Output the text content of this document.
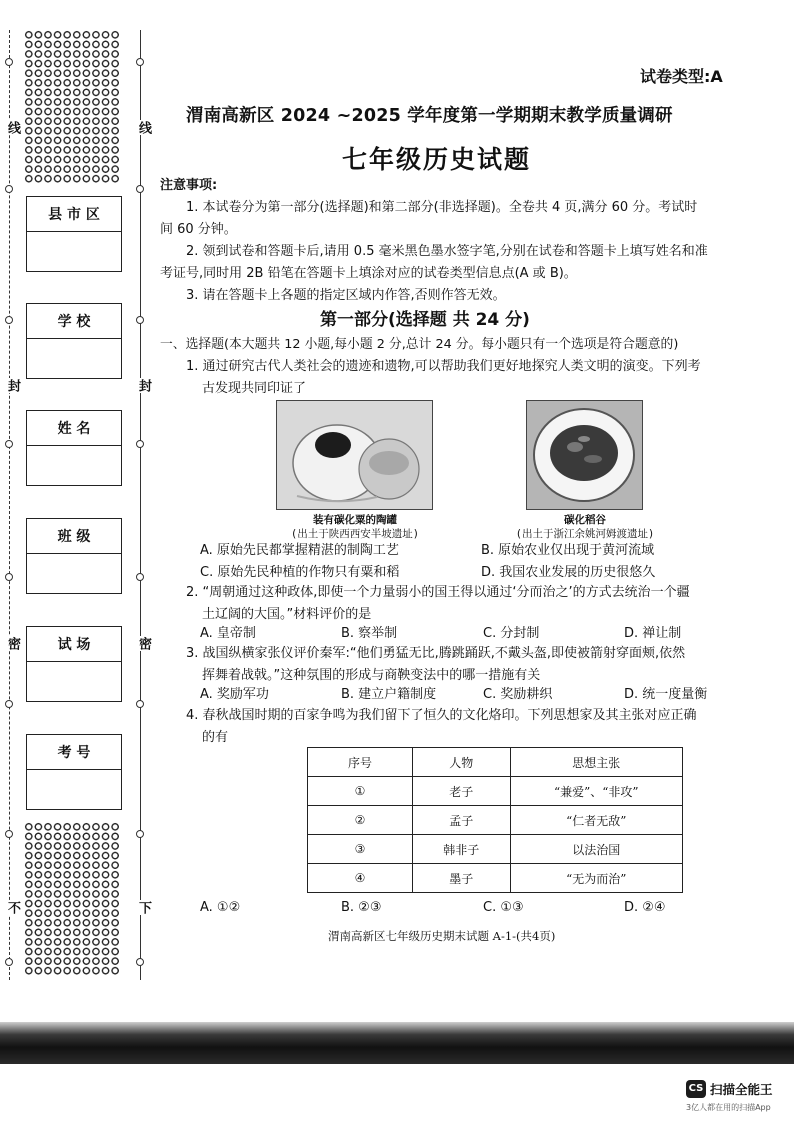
线
封
密
不
线
封
密
下
县 市 区
学 校
姓 名
班 级
试 场
考 号
试卷类型:A
渭南高新区 2024 ~2025 学年度第一学期期末教学质量调研
七年级历史试题
注意事项:
1. 本试卷分为第一部分(选择题)和第二部分(非选择题)。全卷共 4 页,满分 60 分。考试时
间 60 分钟。
2. 领到试卷和答题卡后,请用 0.5 毫米黑色墨水签字笔,分别在试卷和答题卡上填写姓名和准
考证号,同时用 2B 铅笔在答题卡上填涂对应的试卷类型信息点(A 或 B)。
3. 请在答题卡上各题的指定区域内作答,否则作答无效。
第一部分(选择题 共 24 分)
一、选择题(本大题共 12 小题,每小题 2 分,总计 24 分。每小题只有一个选项是符合题意的)
1. 通过研究古代人类社会的遗迹和遗物,可以帮助我们更好地探究人类文明的演变。下列考
古发现共同印证了
装有碳化粟的陶罐
(出土于陕西西安半坡遗址)
碳化稻谷
(出土于浙江余姚河姆渡遗址)
A. 原始先民都掌握精湛的制陶工艺	B. 原始农业仅出现于黄河流域
C. 原始先民种植的作物只有粟和稻	D. 我国农业发展的历史很悠久
2. “周朝通过这种政体,即使一个力量弱小的国王得以通过‘分而治之’的方式去统治一个疆
土辽阔的大国。”材料评价的是
A. 皇帝制	B. 察举制	C. 分封制	D. 禅让制
3. 战国纵横家张仪评价秦军:“他们勇猛无比,腾跳踊跃,不戴头盔,即使被箭射穿面颊,依然
挥舞着战戟。”这种氛围的形成与商鞅变法中的哪一措施有关
A. 奖励军功	B. 建立户籍制度	C. 奖励耕织	D. 统一度量衡
4. 春秋战国时期的百家争鸣为我们留下了恒久的文化烙印。下列思想家及其主张对应正确
的有
序号	人物	思想主张
①	老子	“兼爱”、“非攻”
②	孟子	“仁者无敌”
③	韩非子	以法治国
④	墨子	“无为而治”
A. ①②	B. ②③	C. ①③	D. ②④
渭南高新区七年级历史期末试题 A-1-(共4页)
CS 扫描全能王
3亿人都在用的扫描App
